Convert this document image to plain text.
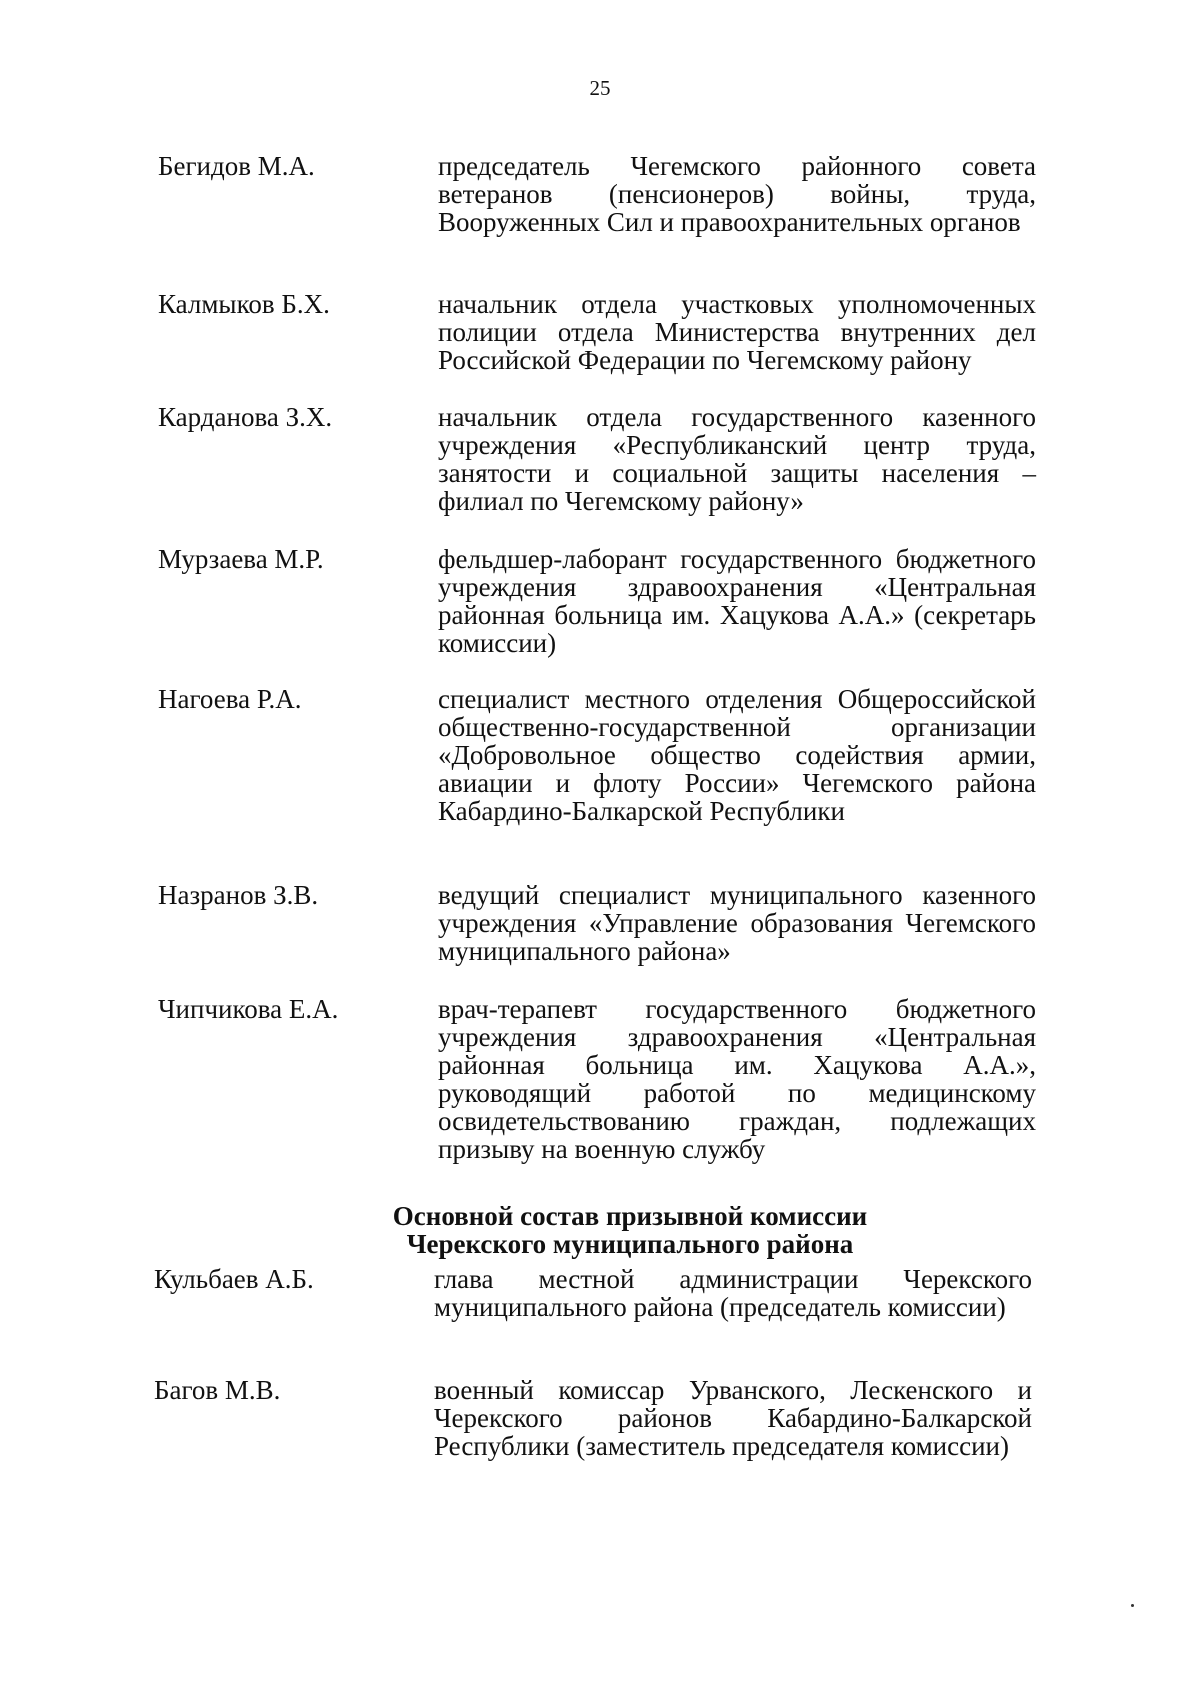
25
Бегидов М.А.	председатель Чегемского районного совета ветеранов (пенсионеров) войны, труда, Вооруженных Сил и правоохранительных органов
Калмыков Б.Х.	начальник отдела участковых уполномоченных полиции отдела Министерства внутренних дел Российской Федерации по Чегемскому району
Карданова З.Х.	начальник отдела государственного казенного учреждения «Республиканский центр труда, занятости и социальной защиты населения – филиал по Чегемскому району»
Мурзаева М.Р.	фельдшер-лаборант государственного бюджетного учреждения здравоохранения «Центральная районная больница им. Хацукова А.А.» (секретарь комиссии)
Нагоева Р.А.	специалист местного отделения Общероссийской общественно-государственной организации «Добровольное общество содействия армии, авиации и флоту России» Чегемского района Кабардино-Балкарской Республики
Назранов З.В.	ведущий специалист муниципального казенного учреждения «Управление образования Чегемского муниципального района»
Чипчикова Е.А.	врач-терапевт государственного бюджетного учреждения здравоохранения «Центральная районная больница им. Хацукова А.А.», руководящий работой по медицинскому освидетельствованию граждан, подлежащих призыву на военную службу
Основной состав призывной комиссии
Черекского муниципального района
Кульбаев А.Б.	глава местной администрации Черекского муниципального района (председатель комиссии)
Багов М.В.	военный комиссар Урванского, Лескенского и Черекского районов Кабардино-Балкарской Республики (заместитель председателя комиссии)
